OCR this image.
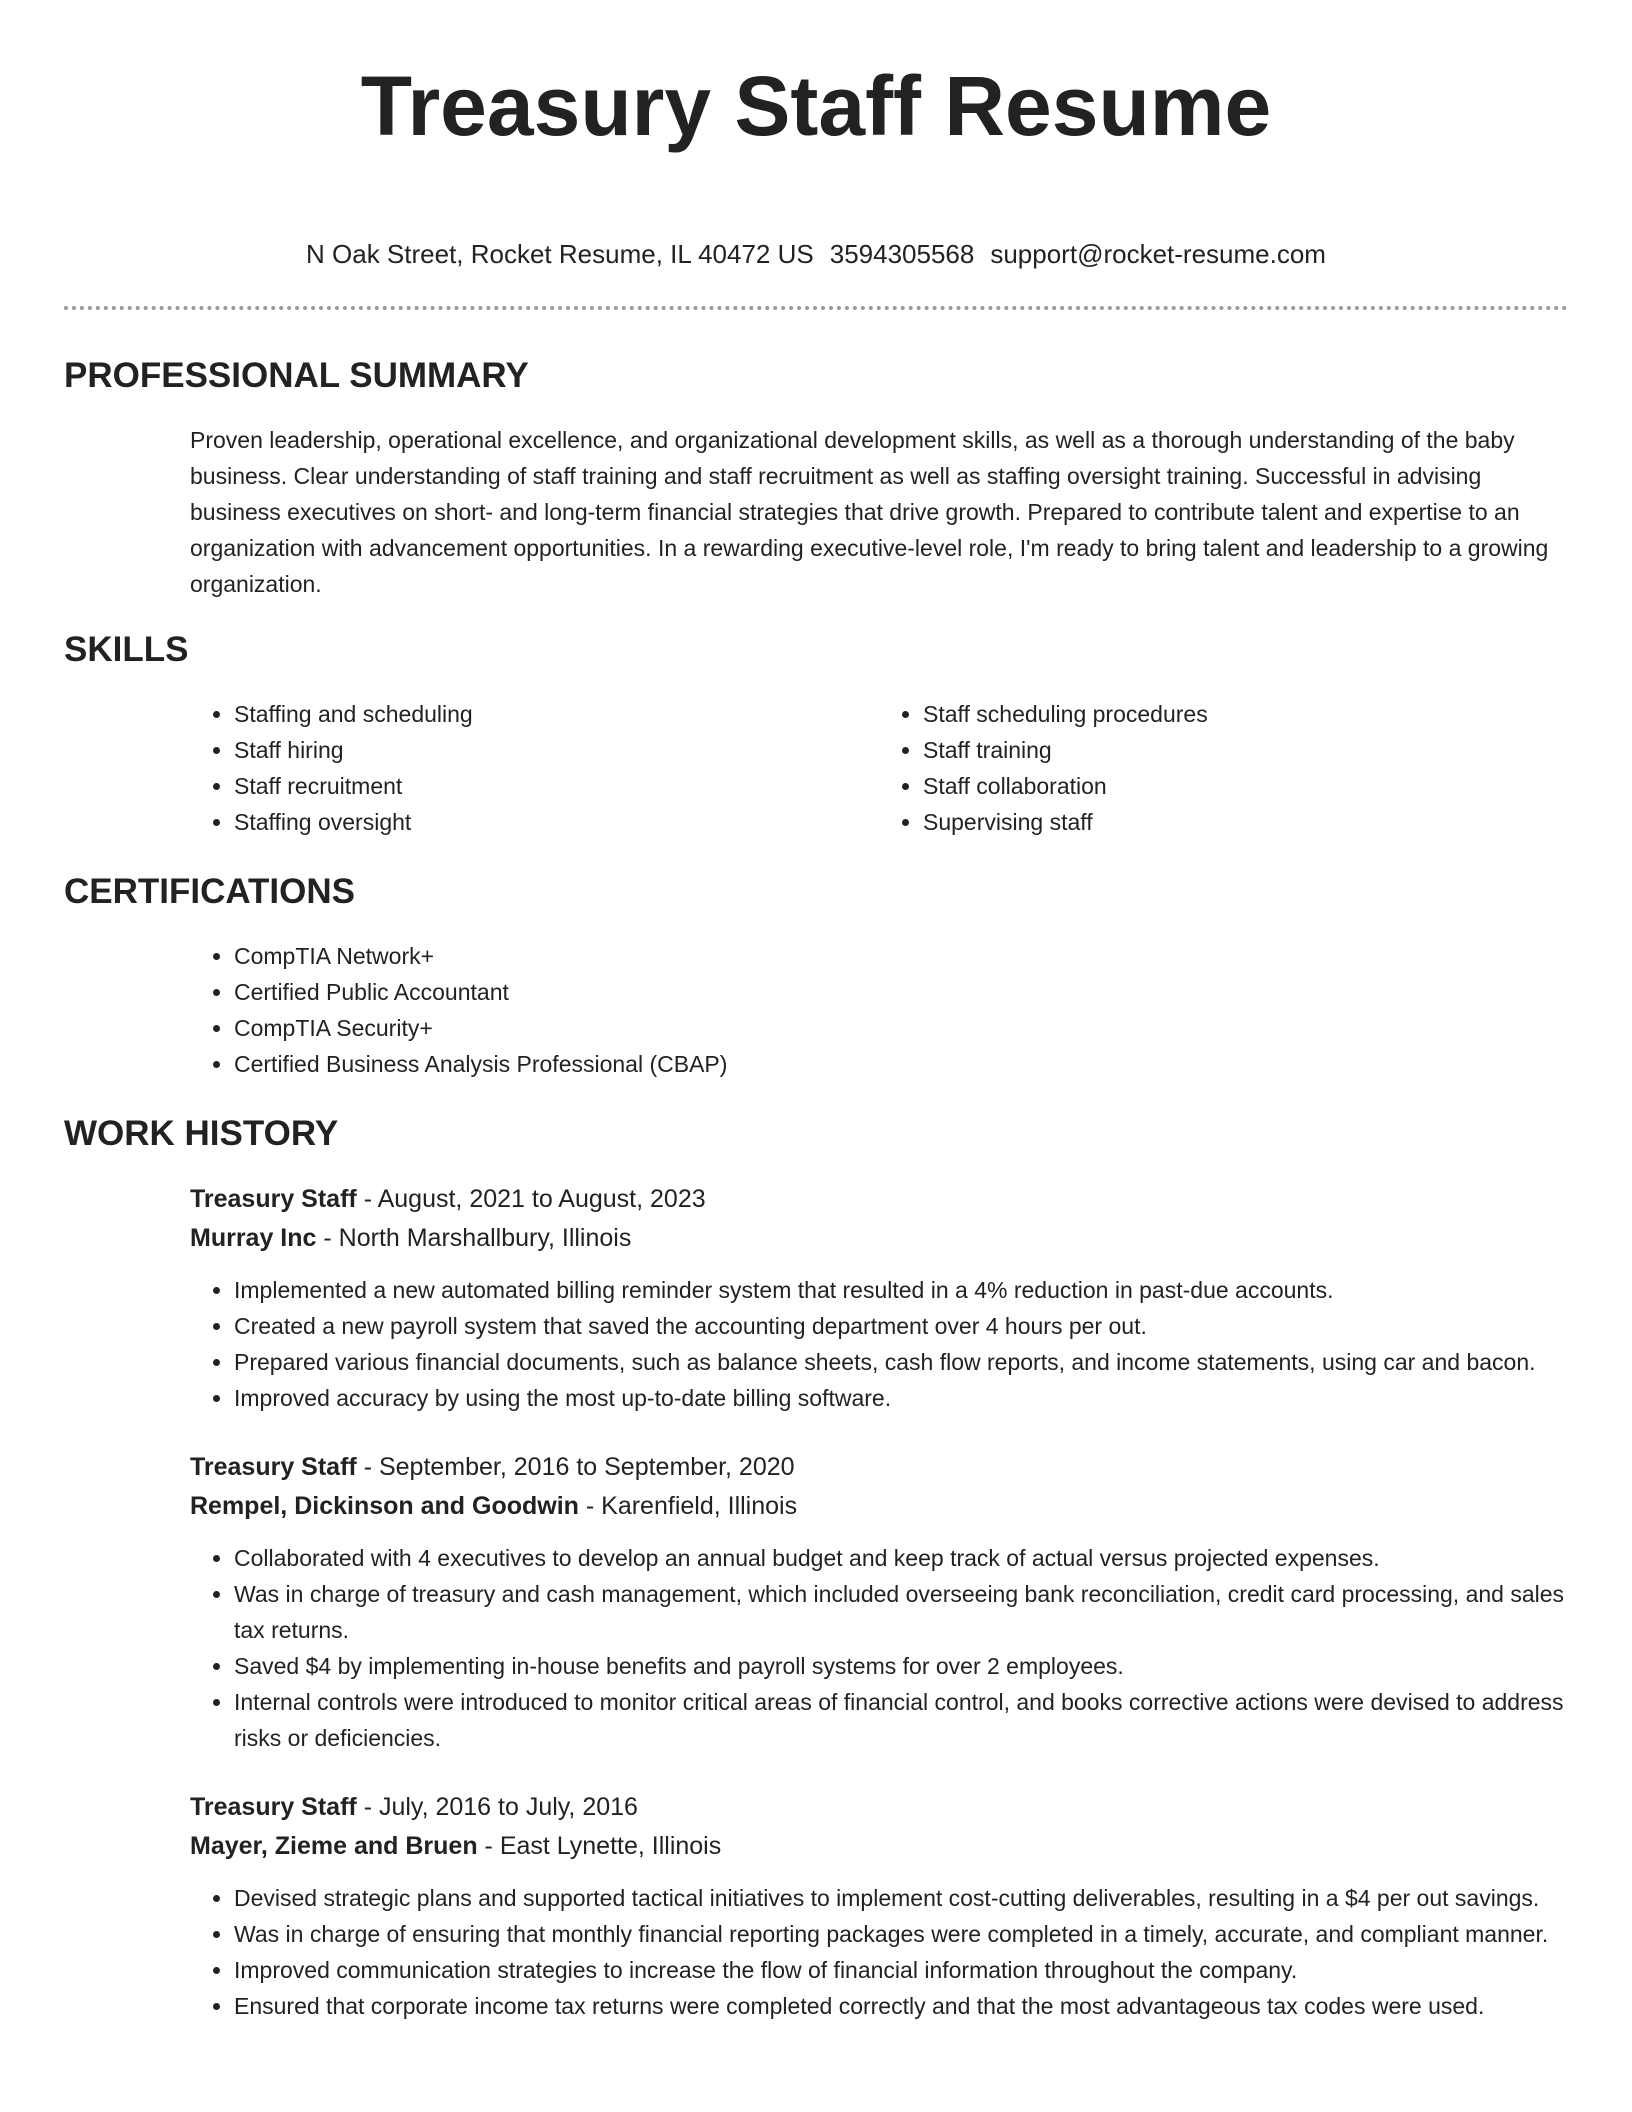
Treasury Staff Resume
N Oak Street, Rocket Resume, IL 40472 US 3594305568 support@rocket-resume.com
PROFESSIONAL SUMMARY

Proven leadership, operational excellence, and organizational development skills, as well as a thorough understanding of the baby business. Clear understanding of staff training and staff recruitment as well as staffing oversight training. Successful in advising business executives on short- and long-term financial strategies that drive growth. Prepared to contribute talent and expertise to an organization with advancement opportunities. In a rewarding executive-level role, I'm ready to bring talent and leadership to a growing organization.

SKILLS
• Staffing and scheduling
• Staff hiring
• Staff recruitment
• Staffing oversight
• Staff scheduling procedures
• Staff training
• Staff collaboration
• Supervising staff
CERTIFICATIONS
• CompTIA Network+
• Certified Public Accountant
• CompTIA Security+
• Certified Business Analysis Professional (CBAP)
WORK HISTORY
Treasury Staff - August, 2021 to August, 2023
Murray Inc - North Marshallbury, Illinois
• Implemented a new automated billing reminder system that resulted in a 4% reduction in past-due accounts.
• Created a new payroll system that saved the accounting department over 4 hours per out.
• Prepared various financial documents, such as balance sheets, cash flow reports, and income statements, using car and bacon.
• Improved accuracy by using the most up-to-date billing software.
Treasury Staff - September, 2016 to September, 2020
Rempel, Dickinson and Goodwin - Karenfield, Illinois
• Collaborated with 4 executives to develop an annual budget and keep track of actual versus projected expenses.
• Was in charge of treasury and cash management, which included overseeing bank reconciliation, credit card processing, and sales tax returns.
• Saved $4 by implementing in-house benefits and payroll systems for over 2 employees.
• Internal controls were introduced to monitor critical areas of financial control, and books corrective actions were devised to address risks or deficiencies.
Treasury Staff - July, 2016 to July, 2016
Mayer, Zieme and Bruen - East Lynette, Illinois
• Devised strategic plans and supported tactical initiatives to implement cost-cutting deliverables, resulting in a $4 per out savings.
• Was in charge of ensuring that monthly financial reporting packages were completed in a timely, accurate, and compliant manner.
• Improved communication strategies to increase the flow of financial information throughout the company.
• Ensured that corporate income tax returns were completed correctly and that the most advantageous tax codes were used.
